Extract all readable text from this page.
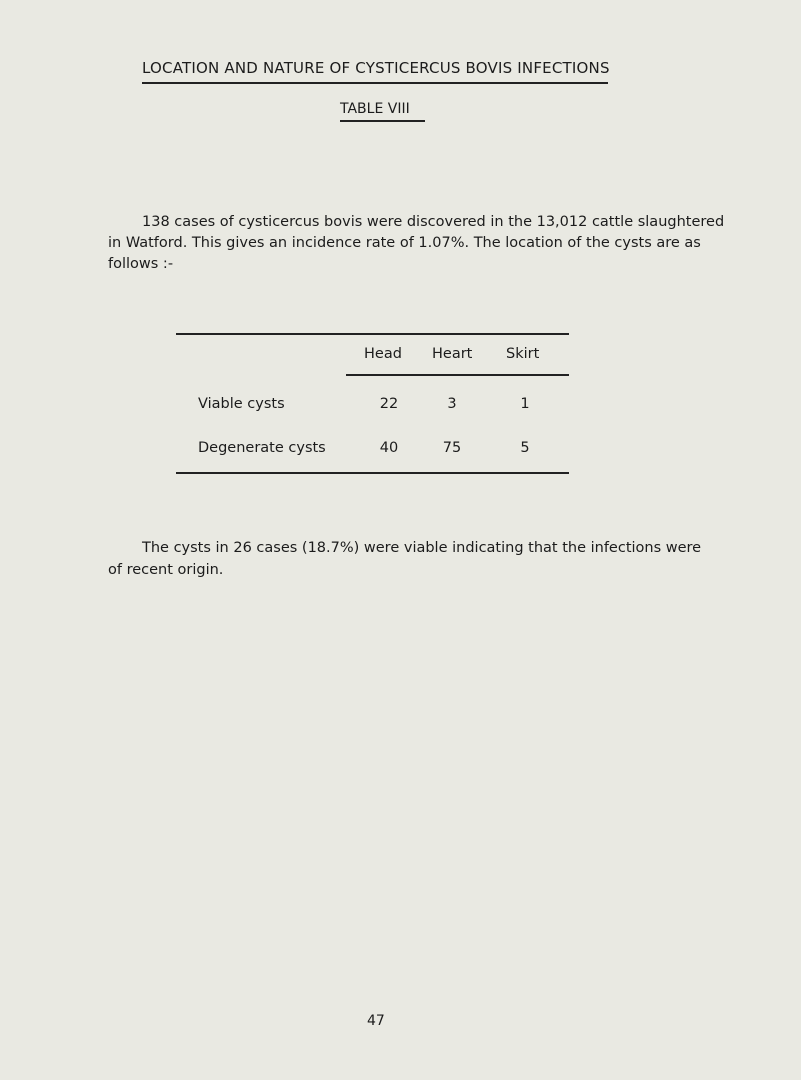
LOCATION AND NATURE OF CYSTICERCUS BOVIS INFECTIONS
TABLE VIII
138 cases of cysticercus bovis were discovered in the 13,012 cattle slaughtered
in Watford. This gives an incidence rate of 1.07%. The location of the cysts are as
follows :-
Head Heart Skirt
Viable cysts	22	3	1
Degenerate cysts	40	75	5
The cysts in 26 cases (18.7%) were viable indicating that the infections were
of recent origin.
47
